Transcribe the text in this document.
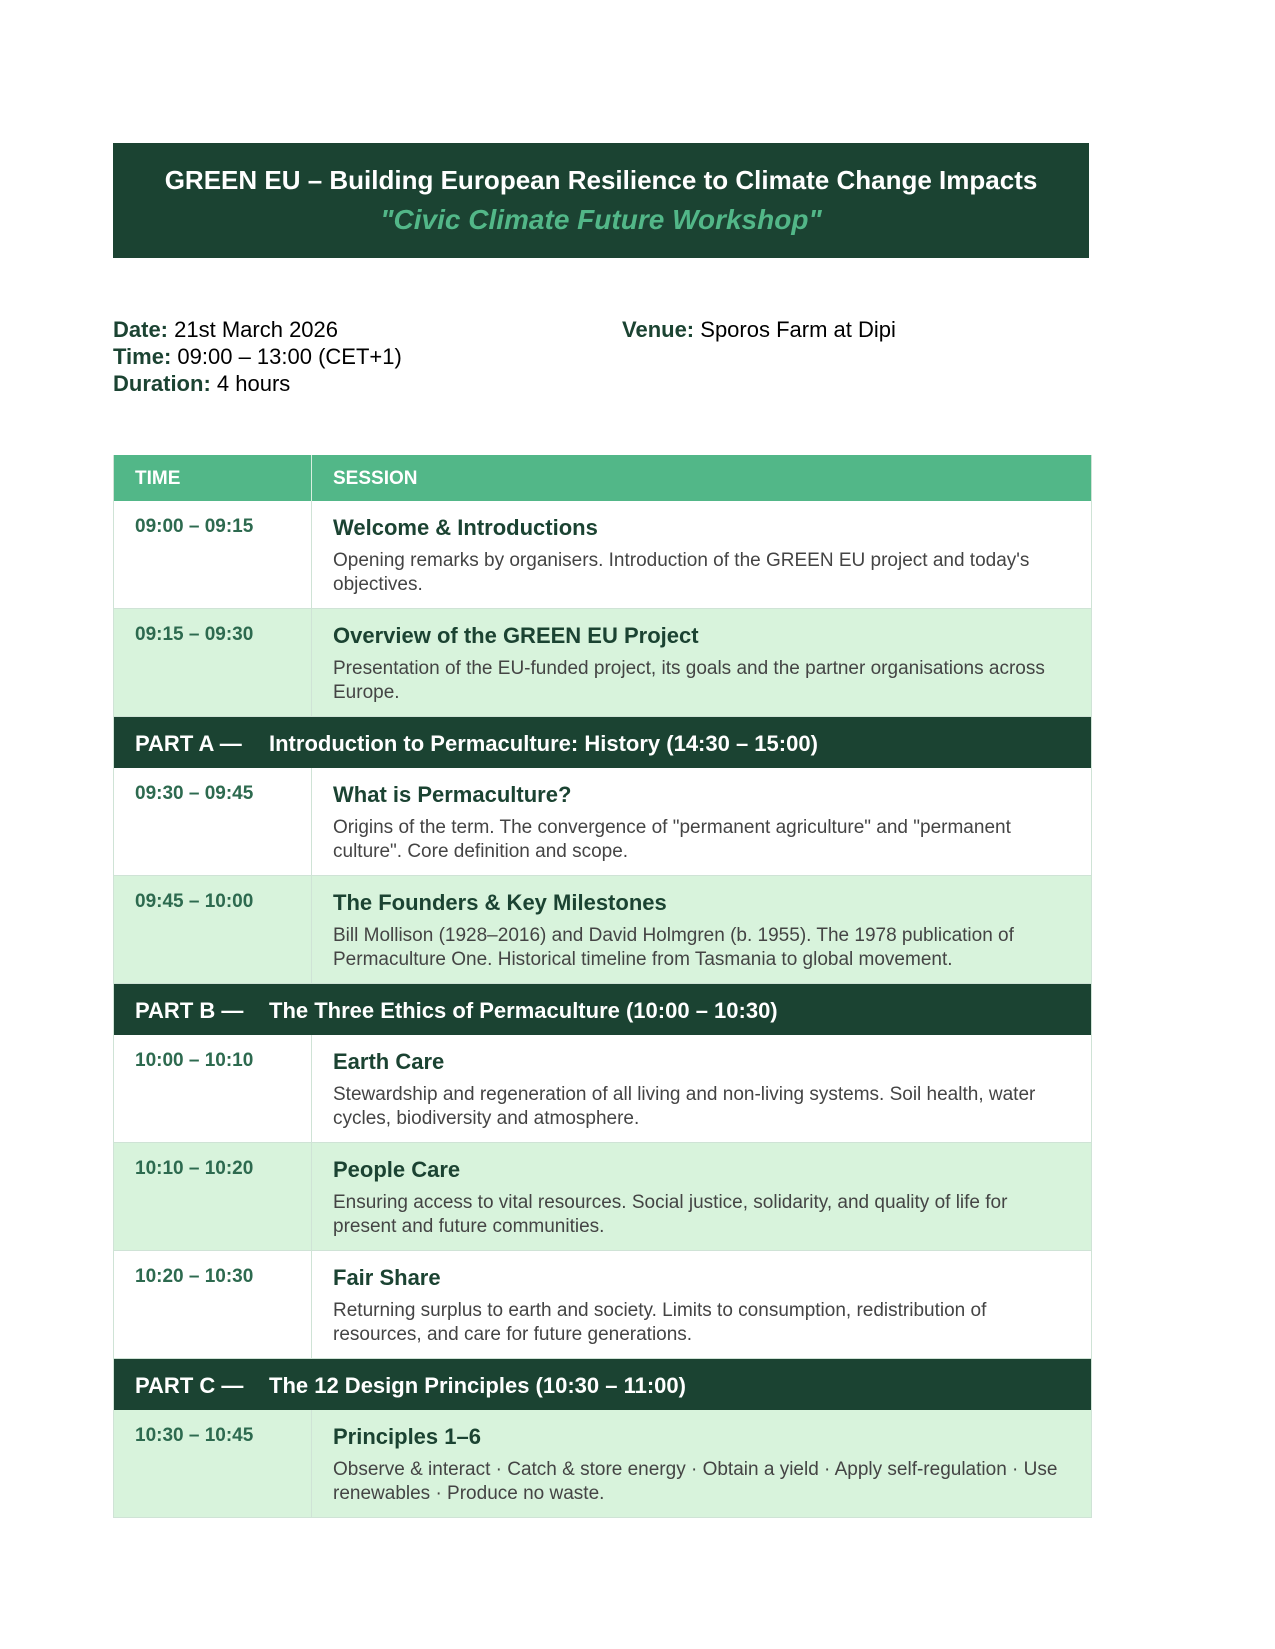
GREEN EU – Building European Resilience to Climate Change Impacts
"Civic Climate Future Workshop"
Date: 21st March 2026
Time: 09:00 – 13:00 (CET+1)
Duration: 4 hours
Venue: Sporos Farm at Dipi
TIME	SESSION
09:00 – 09:15	Welcome & Introductions
Opening remarks by organisers. Introduction of the GREEN EU project and today's objectives.
09:15 – 09:30	Overview of the GREEN EU Project
Presentation of the EU-funded project, its goals and the partner organisations across Europe.
PART A — Introduction to Permaculture: History (14:30 – 15:00)
09:30 – 09:45	What is Permaculture?
Origins of the term. The convergence of "permanent agriculture" and "permanent culture". Core definition and scope.
09:45 – 10:00	The Founders & Key Milestones
Bill Mollison (1928–2016) and David Holmgren (b. 1955). The 1978 publication of Permaculture One. Historical timeline from Tasmania to global movement.
PART B — The Three Ethics of Permaculture (10:00 – 10:30)
10:00 – 10:10	Earth Care
Stewardship and regeneration of all living and non-living systems. Soil health, water cycles, biodiversity and atmosphere.
10:10 – 10:20	People Care
Ensuring access to vital resources. Social justice, solidarity, and quality of life for present and future communities.
10:20 – 10:30	Fair Share
Returning surplus to earth and society. Limits to consumption, redistribution of resources, and care for future generations.
PART C — The 12 Design Principles (10:30 – 11:00)
10:30 – 10:45	Principles 1–6
Observe & interact · Catch & store energy · Obtain a yield · Apply self-regulation · Use renewables · Produce no waste.
